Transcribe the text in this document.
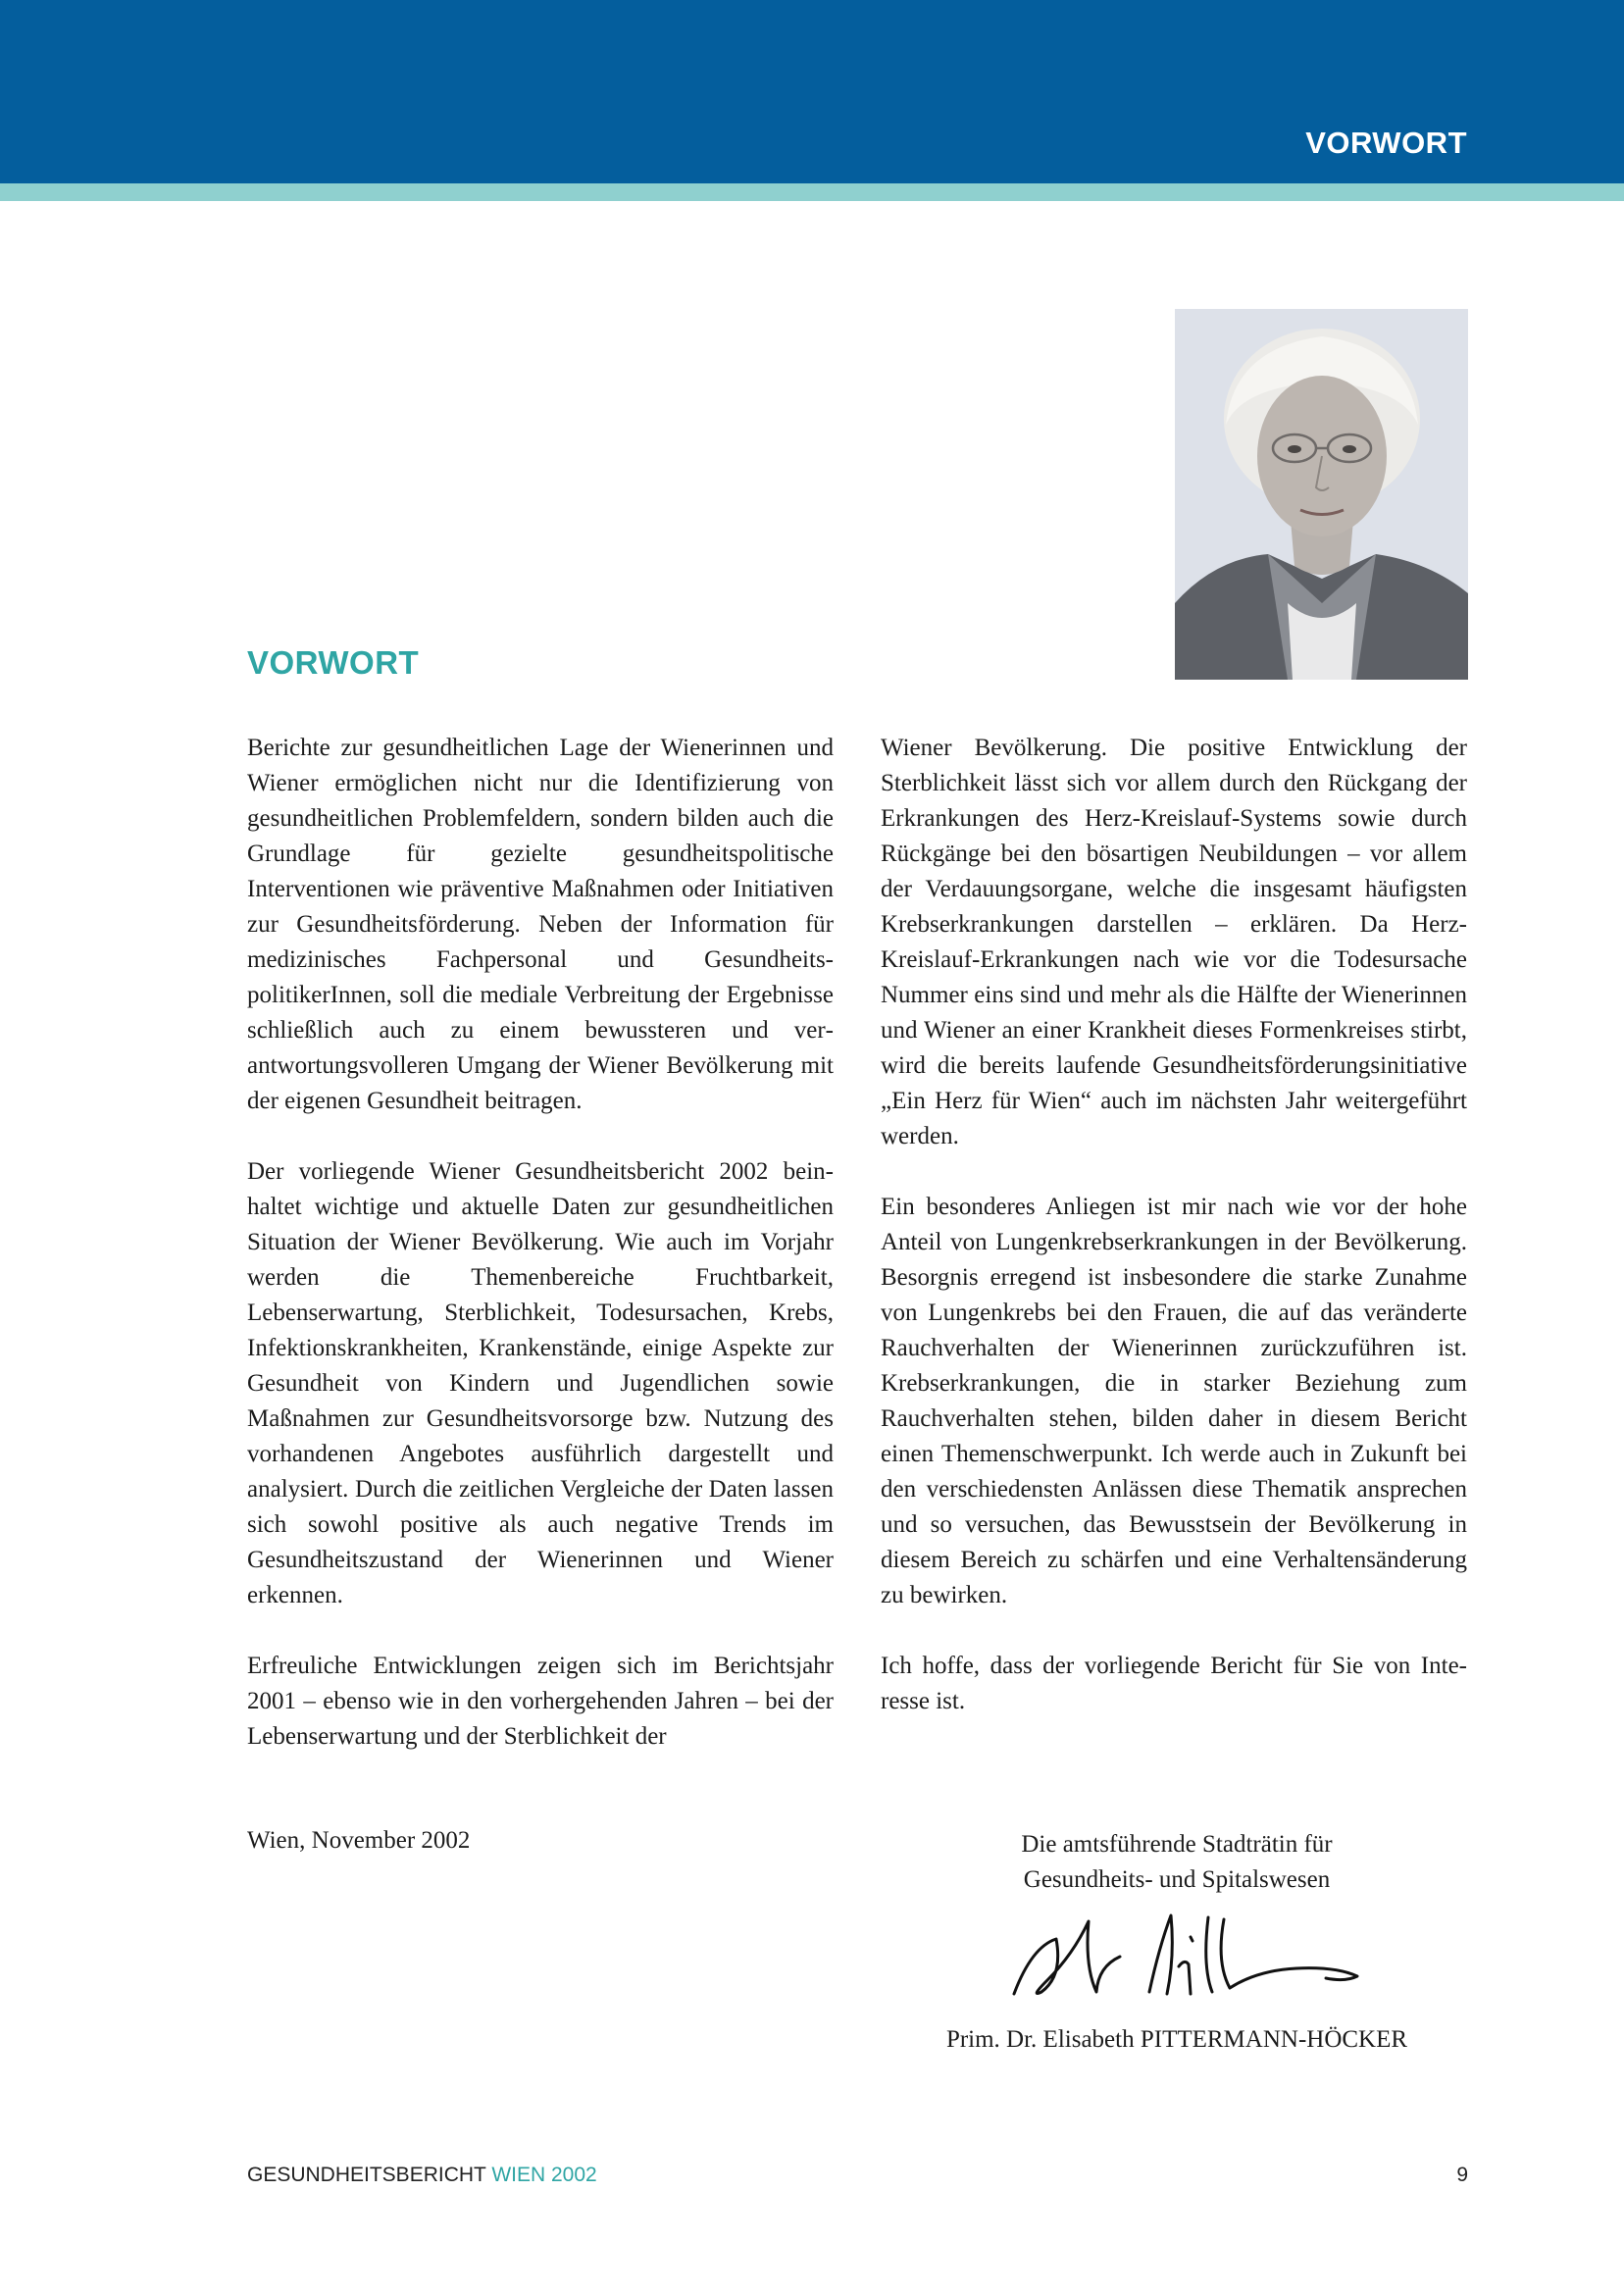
VORWORT
VORWORT

Berichte zur gesundheitlichen Lage der Wienerinnen und Wiener ermöglichen nicht nur die Identifizierung von gesundheitlichen Problemfeldern, sondern bilden auch die Grundlage für gezielte gesundheitspolitische Interventionen wie präventive Maßnahmen oder Initiativen zur Gesundheitsförderung. Neben der Information für medizinisches Fachpersonal und GesundheitspolitikerInnen, soll die mediale Verbreitung der Ergebnisse schließlich auch zu einem bewussteren und verantwortungsvolleren Umgang der Wiener Bevölkerung mit der eigenen Gesundheit beitragen.

Der vorliegende Wiener Gesundheitsbericht 2002 beinhaltet wichtige und aktuelle Daten zur gesundheitlichen Situation der Wiener Bevölkerung. Wie auch im Vorjahr werden die Themenbereiche Fruchtbarkeit, Lebenserwartung, Sterblichkeit, Todesursachen, Krebs, Infektionskrankheiten, Krankenstände, einige Aspekte zur Gesundheit von Kindern und Jugendlichen sowie Maßnahmen zur Gesundheitsvorsorge bzw. Nutzung des vorhandenen Angebotes ausführlich dargestellt und analysiert. Durch die zeitlichen Vergleiche der Daten lassen sich sowohl positive als auch negative Trends im Gesundheitszustand der Wienerinnen und Wiener erkennen.

Erfreuliche Entwicklungen zeigen sich im Berichtsjahr 2001 – ebenso wie in den vorhergehenden Jahren – bei der Lebenserwartung und der Sterblichkeit der

Wiener Bevölkerung. Die positive Entwicklung der Sterblichkeit lässt sich vor allem durch den Rückgang der Erkrankungen des Herz-Kreislauf-Systems sowie durch Rückgänge bei den bösartigen Neubildungen – vor allem der Verdauungsorgane, welche die insgesamt häufigsten Krebserkrankungen darstellen – erklären. Da Herz-Kreislauf-Erkrankungen nach wie vor die Todesursache Nummer eins sind und mehr als die Hälfte der Wienerinnen und Wiener an einer Krankheit dieses Formenkreises stirbt, wird die bereits laufende Gesundheitsförderungsinitiative „Ein Herz für Wien“ auch im nächsten Jahr weitergeführt werden.

Ein besonderes Anliegen ist mir nach wie vor der hohe Anteil von Lungenkrebserkrankungen in der Bevölkerung. Besorgnis erregend ist insbesondere die starke Zunahme von Lungenkrebs bei den Frauen, die auf das veränderte Rauchverhalten der Wienerinnen zurückzuführen ist. Krebserkrankungen, die in starker Beziehung zum Rauchverhalten stehen, bilden daher in diesem Bericht einen Themenschwerpunkt. Ich werde auch in Zukunft bei den verschiedensten Anlässen diese Thematik ansprechen und so versuchen, das Bewusstsein der Bevölkerung in diesem Bereich zu schärfen und eine Verhaltensänderung zu bewirken.

Ich hoffe, dass der vorliegende Bericht für Sie von Interesse ist.

Wien, November 2002	Die amtsführende Stadträtin für
Gesundheits- und Spitalswesen
Prim. Dr. Elisabeth PITTERMANN-HÖCKER
GESUNDHEITSBERICHT WIEN 2002	9
